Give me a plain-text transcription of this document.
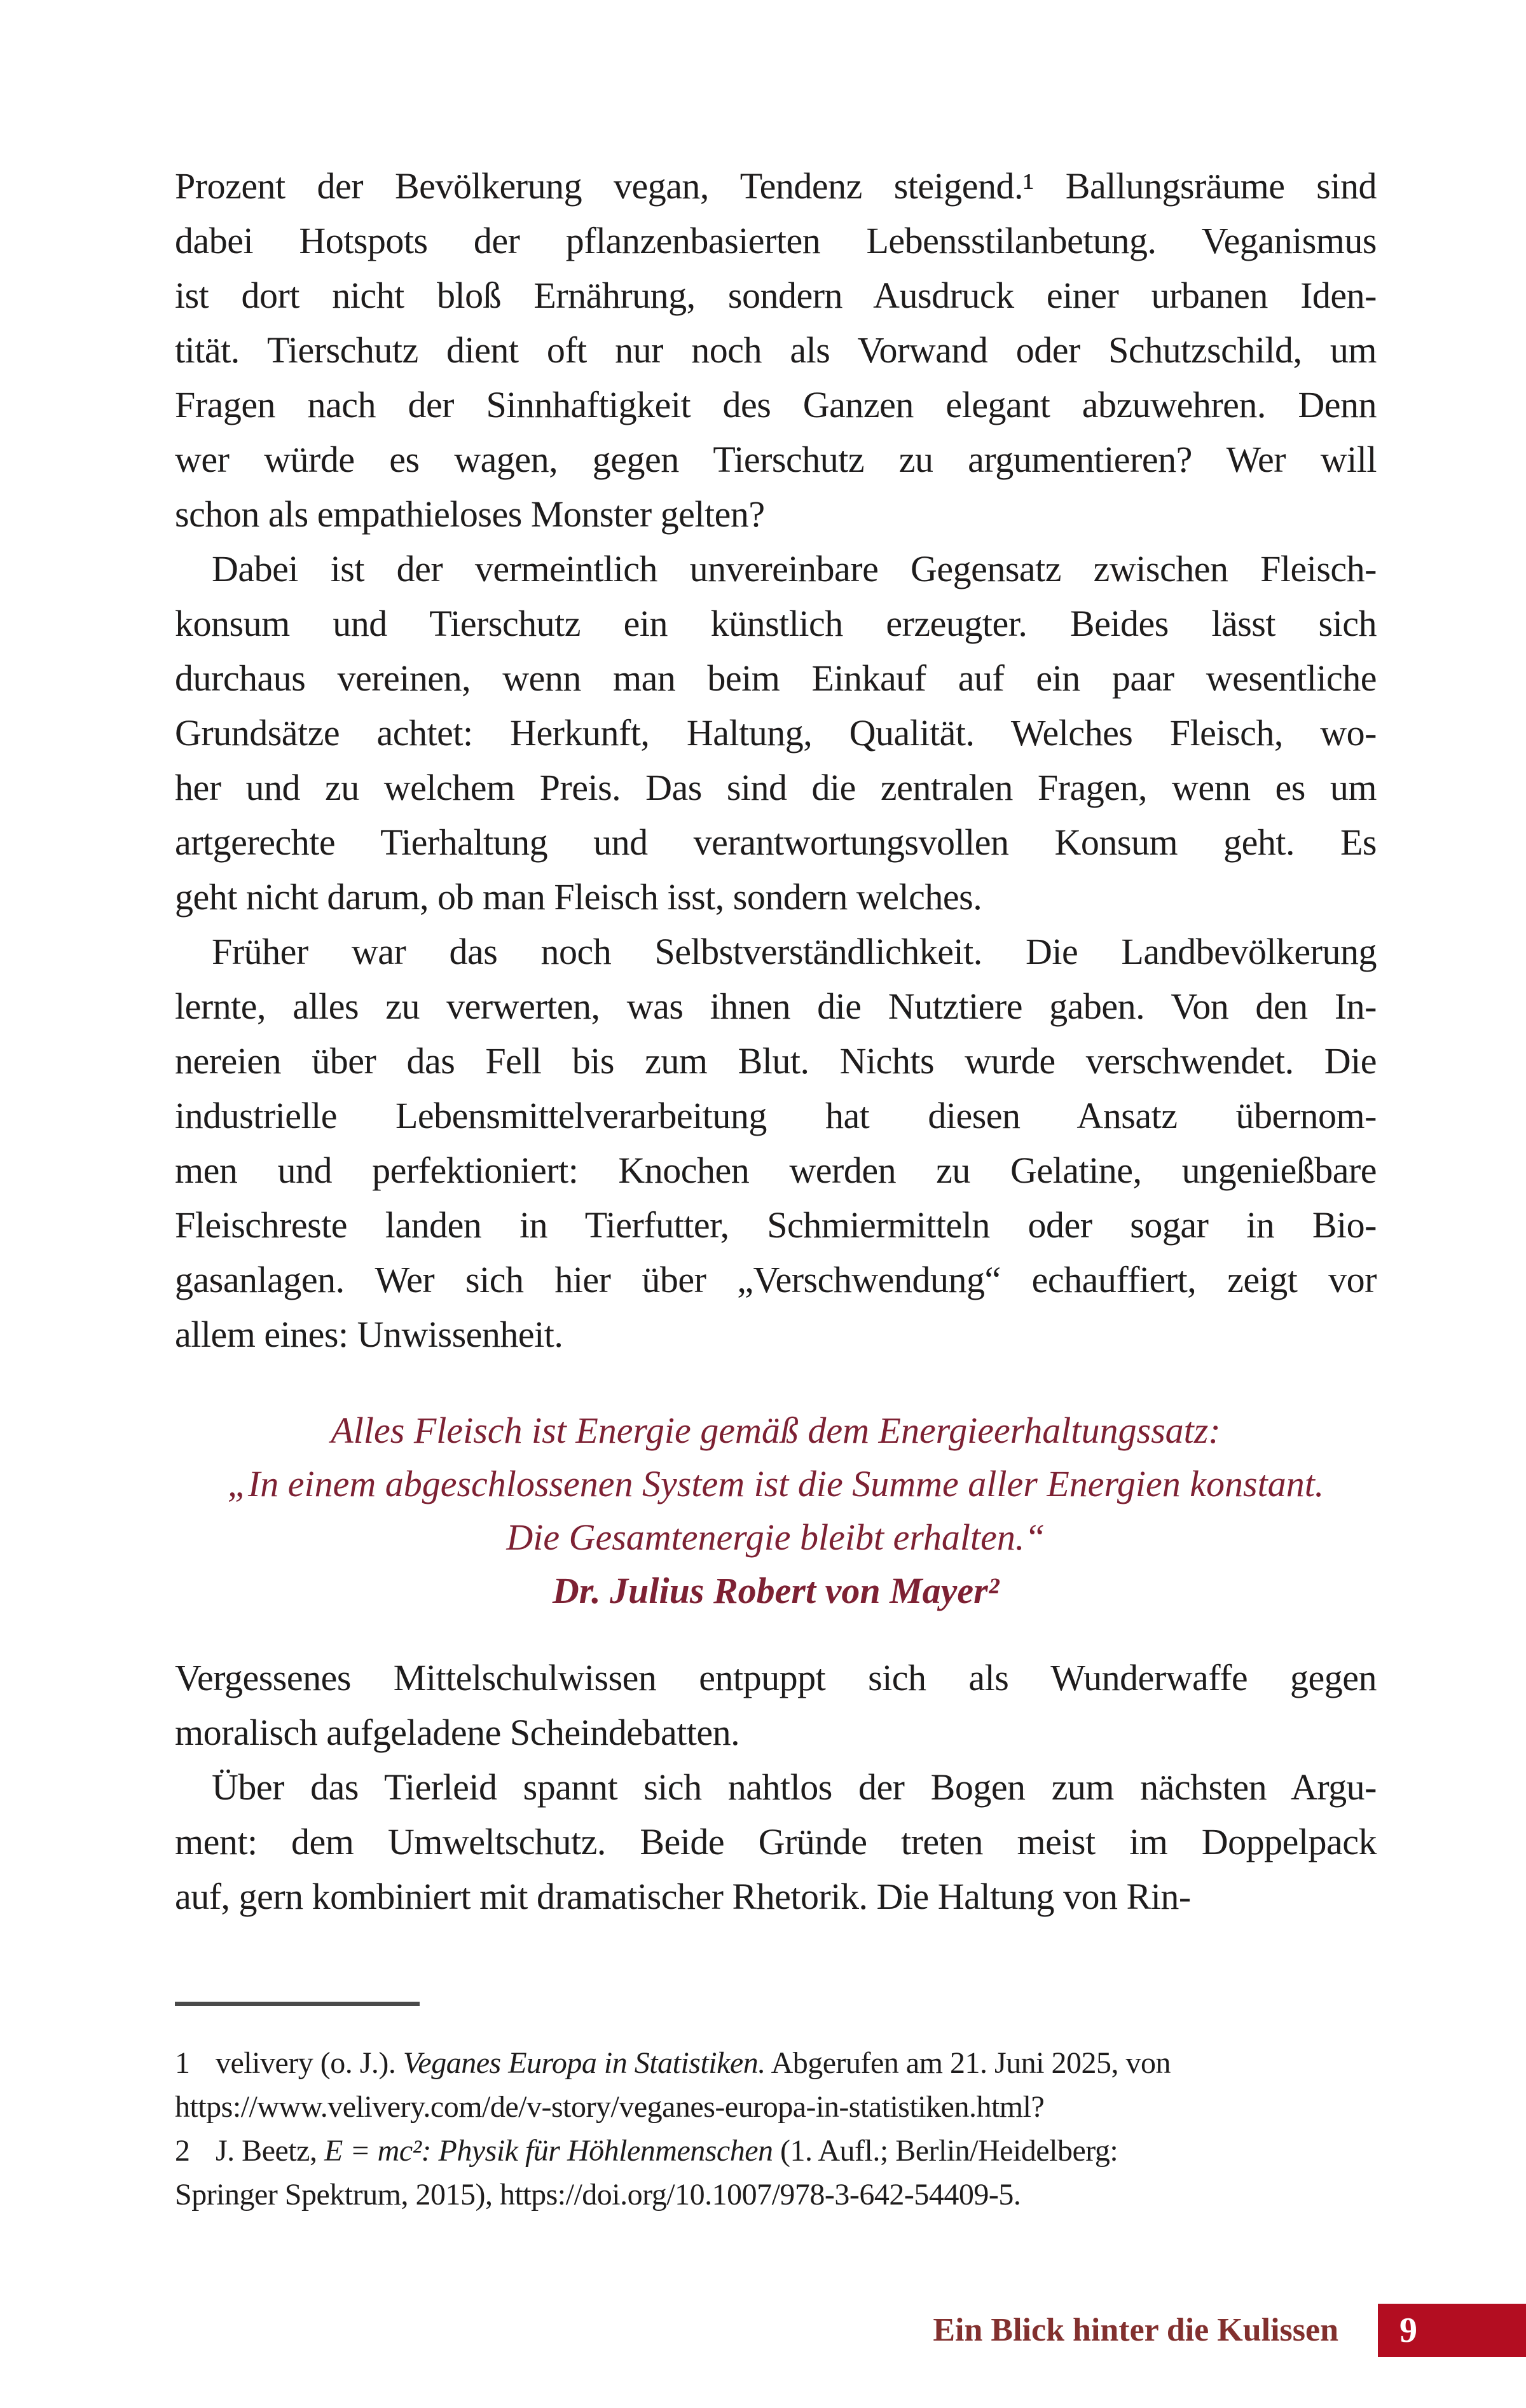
Prozent der Bevölkerung vegan, Tendenz steigend.¹ Ballungsräume sind
dabei Hotspots der pflanzenbasierten Lebensstilanbetung. Veganismus
ist dort nicht bloß Ernährung, sondern Ausdruck einer urbanen Iden-
tität. Tierschutz dient oft nur noch als Vorwand oder Schutzschild, um
Fragen nach der Sinnhaftigkeit des Ganzen elegant abzuwehren. Denn
wer würde es wagen, gegen Tierschutz zu argumentieren? Wer will
schon als empathieloses Monster gelten?
Dabei ist der vermeintlich unvereinbare Gegensatz zwischen Fleisch-
konsum und Tierschutz ein künstlich erzeugter. Beides lässt sich
durchaus vereinen, wenn man beim Einkauf auf ein paar wesentliche
Grundsätze achtet: Herkunft, Haltung, Qualität. Welches Fleisch, wo-
her und zu welchem Preis. Das sind die zentralen Fragen, wenn es um
artgerechte Tierhaltung und verantwortungsvollen Konsum geht. Es
geht nicht darum, ob man Fleisch isst, sondern welches.
Früher war das noch Selbstverständlichkeit. Die Landbevölkerung
lernte, alles zu verwerten, was ihnen die Nutztiere gaben. Von den In-
nereien über das Fell bis zum Blut. Nichts wurde verschwendet. Die
industrielle Lebensmittelverarbeitung hat diesen Ansatz übernom-
men und perfektioniert: Knochen werden zu Gelatine, ungenießbare
Fleischreste landen in Tierfutter, Schmiermitteln oder sogar in Bio-
gasanlagen. Wer sich hier über „Verschwendung“ echauffiert, zeigt vor
allem eines: Unwissenheit.
Alles Fleisch ist Energie gemäß dem Energieerhaltungssatz:
„In einem abgeschlossenen System ist die Summe aller Energien konstant.
Die Gesamtenergie bleibt erhalten.“
Dr. Julius Robert von Mayer²
Vergessenes Mittelschulwissen entpuppt sich als Wunderwaffe gegen
moralisch aufgeladene Scheindebatten.
Über das Tierleid spannt sich nahtlos der Bogen zum nächsten Argu-
ment: dem Umweltschutz. Beide Gründe treten meist im Doppelpack
auf, gern kombiniert mit dramatischer Rhetorik. Die Haltung von Rin-
1 velivery (o. J.). Veganes Europa in Statistiken. Abgerufen am 21. Juni 2025, von
https://www.velivery.com/de/v-story/veganes-europa-in-statistiken.html?
2 J. Beetz, E = mc²: Physik für Höhlenmenschen (1. Aufl.; Berlin/Heidelberg:
Springer Spektrum, 2015), https://doi.org/10.1007/978-3-642-54409-5.
Ein Blick hinter die Kulissen	9
